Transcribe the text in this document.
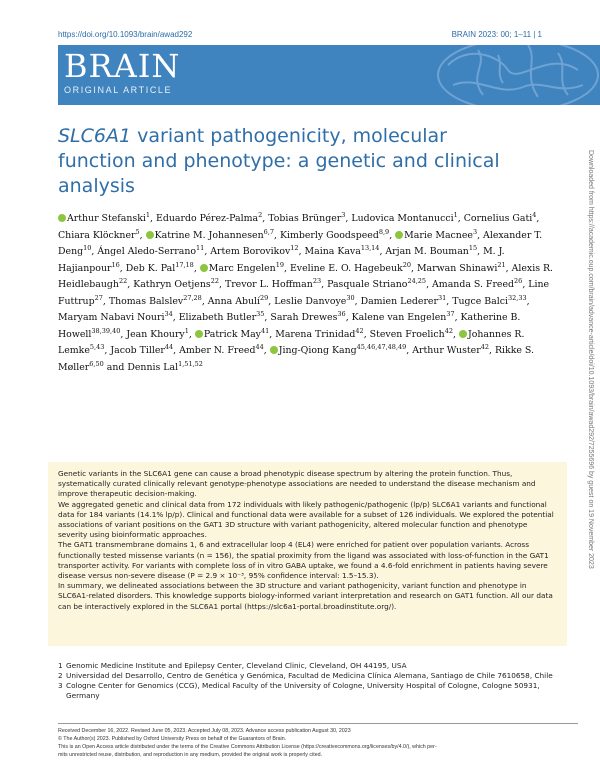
https://doi.org/10.1093/brain/awad292	BRAIN 2023: 00; 1–11 | 1
BRAIN
ORIGINAL ARTICLE
SLC6A1 variant pathogenicity, molecular function and phenotype: a genetic and clinical analysis
Arthur Stefanski$^1$, Eduardo Pérez-Palma$^2$, Tobias Brünger$^3$, Ludovica Montanucci$^1$, Cornelius Gati$^4$, Chiara Klöckner$^5$, Katrine M. Johannesen$^{6,7}$, Kimberly Goodspeed$^{8,9}$, Marie Macnee$^3$, Alexander T. Deng$^{10}$, Ángel Aledo-Serrano$^{11}$, Artem Borovikov$^{12}$, Maina Kava$^{13,14}$, Arjan M. Bouman$^{15}$, M. J. Hajianpour$^{16}$, Deb K. Pal$^{17,18}$, Marc Engelen$^{19}$, Eveline E. O. Hagebeuk$^{20}$, Marwan Shinawi$^{21}$, Alexis R. Heidlebaugh$^{22}$, Kathryn Oetjens$^{22}$, Trevor L. Hoffman$^{23}$, Pasquale Striano$^{24,25}$, Amanda S. Freed$^{26}$, Line Futtrup$^{27}$, Thomas Balslev$^{27,28}$, Anna Abulí$^{29}$, Leslie Danvoye$^{30}$, Damien Lederer$^{31}$, Tugce Balci$^{32,33}$, Maryam Nabavi Nouri$^{34}$, Elizabeth Butler$^{35}$, Sarah Drewes$^{36}$, Kalene van Engelen$^{37}$, Katherine B. Howell$^{38,39,40}$, Jean Khoury$^1$, Patrick May$^{41}$, Marena Trinidad$^{42}$, Steven Froelich$^{42}$, Johannes R. Lemke$^{5,43}$, Jacob Tiller$^{44}$, Amber N. Freed$^{44}$, Jing-Qiong Kang$^{45,46,47,48,49}$, Arthur Wuster$^{42}$, Rikke S. Møller$^{6,50}$ and Dennis Lal$^{1,51,52}$	Downloaded from https://academic.oup.com/brain/advance-article/doi/10.1093/brain/awad292/7255696 by guest on 19 November 2023

Genetic variants in the SLC6A1 gene can cause a broad phenotypic disease spectrum by altering the protein function. Thus, systematically curated clinically relevant genotype-phenotype associations are needed to understand the disease mechanism and improve therapeutic decision-making.

We aggregated genetic and clinical data from 172 individuals with likely pathogenic/pathogenic (lp/p) SLC6A1 variants and functional data for 184 variants (14.1% lp/p). Clinical and functional data were available for a subset of 126 individuals. We explored the potential associations of variant positions on the GAT1 3D structure with variant pathogenicity, altered molecular function and phenotype severity using bioinformatic approaches.

The GAT1 transmembrane domains 1, 6 and extracellular loop 4 (EL4) were enriched for patient over population variants. Across functionally tested missense variants (n = 156), the spatial proximity from the ligand was associated with loss-of-function in the GAT1 transporter activity. For variants with complete loss of in vitro GABA uptake, we found a 4.6-fold enrichment in patients having severe disease versus non-severe disease (P = 2.9 × 10⁻³, 95% confidence interval: 1.5–15.3).

In summary, we delineated associations between the 3D structure and variant pathogenicity, variant function and phenotype in SLC6A1-related disorders. This knowledge supports biology-informed variant interpretation and research on GAT1 function. All our data can be interactively explored in the SLC6A1 portal (https://slc6a1-portal.broadinstitute.org/).

1 Genomic Medicine Institute and Epilepsy Center, Cleveland Clinic, Cleveland, OH 44195, USA
2 Universidad del Desarrollo, Centro de Genética y Genómica, Facultad de Medicina Clínica Alemana, Santiago de Chile 7610658, Chile
3 Cologne Center for Genomics (CCG), Medical Faculty of the University of Cologne, University Hospital of Cologne, Cologne 50931, Germany
Received December 16, 2022. Revised June 05, 2023. Accepted July 08, 2023. Advance access publication August 30, 2023
© The Author(s) 2023. Published by Oxford University Press on behalf of the Guarantors of Brain.
This is an Open Access article distributed under the terms of the Creative Commons Attribution License (https://creativecommons.org/licenses/by/4.0/), which per-
mits unrestricted reuse, distribution, and reproduction in any medium, provided the original work is properly cited.
